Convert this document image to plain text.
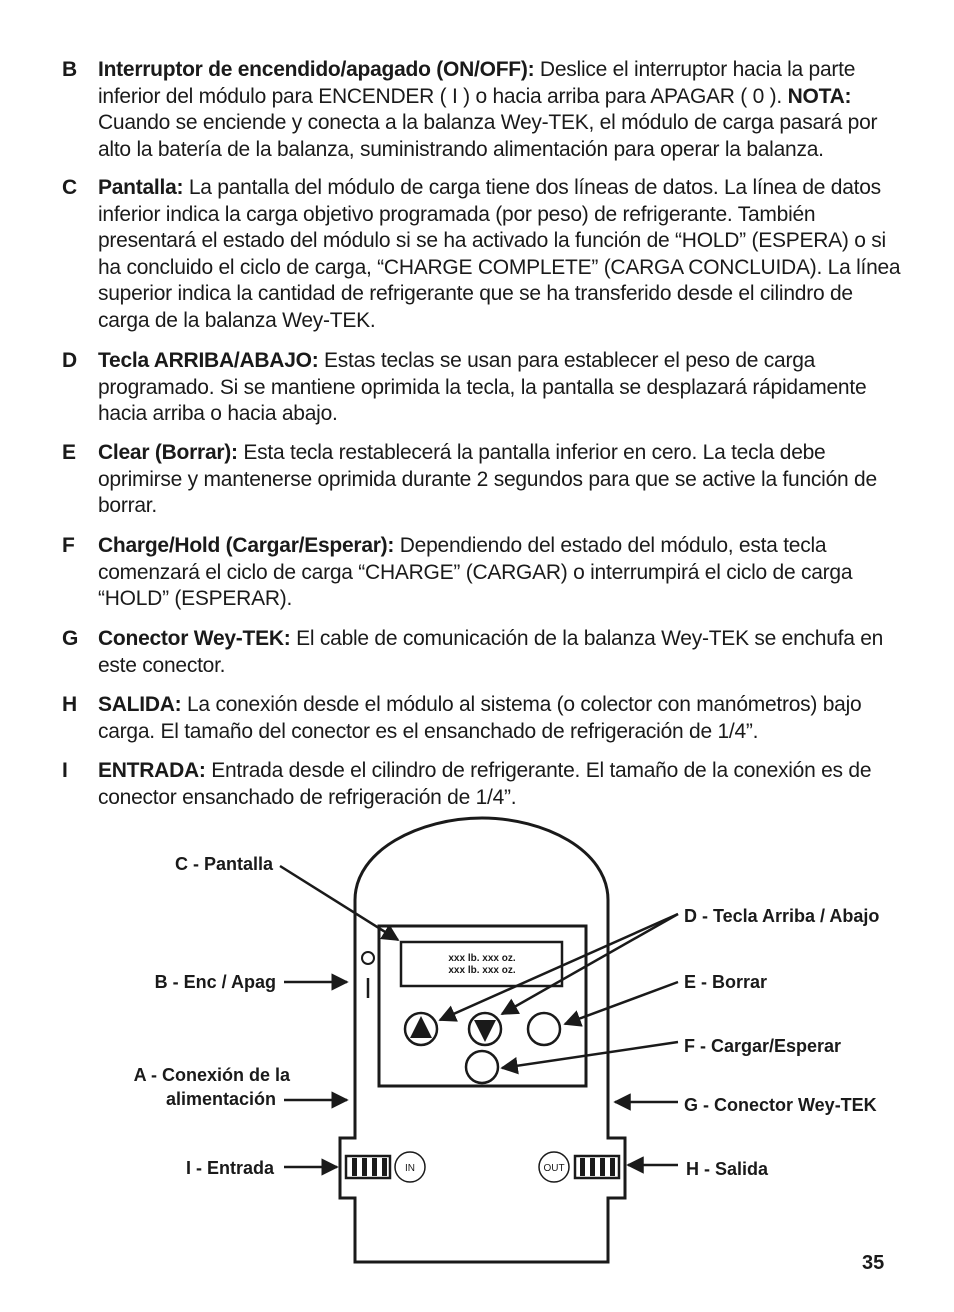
B Interruptor de encendido/apagado (ON/OFF): Deslice el interruptor hacia la parte inferior del módulo para ENCENDER ( I ) o hacia arriba para APAGAR ( 0 ). NOTA: Cuando se enciende y conecta a la balanza Wey-TEK, el módulo de carga pasará por alto la batería de la balanza, suministrando alimentación para operar la balanza.
C Pantalla: La pantalla del módulo de carga tiene dos líneas de datos. La línea de datos inferior indica la carga objetivo programada (por peso) de refrigerante. También presentará el estado del módulo si se ha activado la función de “HOLD” (ESPERA) o si ha concluido el ciclo de carga, “CHARGE COMPLETE” (CARGA CONCLUIDA). La línea superior indica la cantidad de refrigerante que se ha transferido desde el cilindro de carga de la balanza Wey-TEK.
D Tecla ARRIBA/ABAJO: Estas teclas se usan para establecer el peso de carga programado. Si se mantiene oprimida la tecla, la pantalla se desplazará rápidamente hacia arriba o hacia abajo.
E Clear (Borrar): Esta tecla restablecerá la pantalla inferior en cero. La tecla debe oprimirse y mantenerse oprimida durante 2 segundos para que se active la función de borrar.
F Charge/Hold (Cargar/Esperar): Dependiendo del estado del módulo, esta tecla comenzará el ciclo de carga “CHARGE” (CARGAR) o interrumpirá el ciclo de carga “HOLD” (ESPERAR).
G Conector Wey-TEK: El cable de comunicación de la balanza Wey-TEK se enchufa en este conector.
H SALIDA: La conexión desde el módulo al sistema (o colector con manómetros) bajo carga. El tamaño del conector es el ensanchado de refrigeración de 1/4”.
I ENTRADA: Entrada desde el cilindro de refrigerante. El tamaño de la conexión es de conector ensanchado de refrigeración de 1/4”.
xxx lb. xxx oz.
xxx lb. xxx oz.
IN	OUT
C - Pantalla
B - Enc / Apag
A - Conexión de la
alimentación
I - Entrada
D - Tecla Arriba / Abajo
E - Borrar
F - Cargar/Esperar
G - Conector Wey-TEK
H - Salida
35
